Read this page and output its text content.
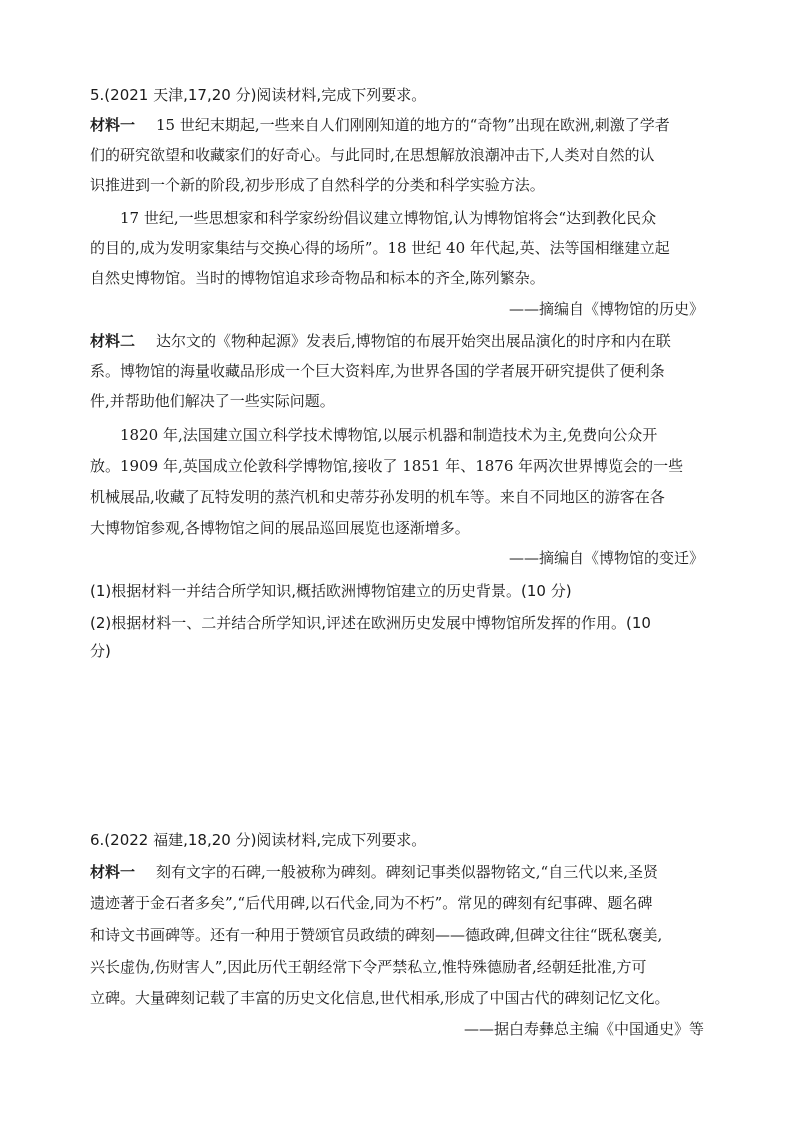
5.(2021 天津,17,20 分)阅读材料,完成下列要求。
材料一 15 世纪末期起,一些来自人们刚刚知道的地方的“奇物”出现在欧洲,刺激了学者
们的研究欲望和收藏家们的好奇心。与此同时,在思想解放浪潮冲击下,人类对自然的认
识推进到一个新的阶段,初步形成了自然科学的分类和科学实验方法。
17 世纪,一些思想家和科学家纷纷倡议建立博物馆,认为博物馆将会“达到教化民众
的目的,成为发明家集结与交换心得的场所”。18 世纪 40 年代起,英、法等国相继建立起
自然史博物馆。当时的博物馆追求珍奇物品和标本的齐全,陈列繁杂。
——摘编自《博物馆的历史》
材料二 达尔文的《物种起源》发表后,博物馆的布展开始突出展品演化的时序和内在联
系。博物馆的海量收藏品形成一个巨大资料库,为世界各国的学者展开研究提供了便利条
件,并帮助他们解决了一些实际问题。
1820 年,法国建立国立科学技术博物馆,以展示机器和制造技术为主,免费向公众开
放。1909 年,英国成立伦敦科学博物馆,接收了 1851 年、1876 年两次世界博览会的一些
机械展品,收藏了瓦特发明的蒸汽机和史蒂芬孙发明的机车等。来自不同地区的游客在各
大博物馆参观,各博物馆之间的展品巡回展览也逐渐增多。
——摘编自《博物馆的变迁》
(1)根据材料一并结合所学知识,概括欧洲博物馆建立的历史背景。(10 分)
(2)根据材料一、二并结合所学知识,评述在欧洲历史发展中博物馆所发挥的作用。(10
分)
6.(2022 福建,18,20 分)阅读材料,完成下列要求。
材料一 刻有文字的石碑,一般被称为碑刻。碑刻记事类似器物铭文,“自三代以来,圣贤
遗迹著于金石者多矣”,“后代用碑,以石代金,同为不朽”。常见的碑刻有纪事碑、题名碑
和诗文书画碑等。还有一种用于赞颂官员政绩的碑刻——德政碑,但碑文往往“既私褒美,
兴长虚伪,伤财害人”,因此历代王朝经常下令严禁私立,惟特殊德励者,经朝廷批准,方可
立碑。大量碑刻记载了丰富的历史文化信息,世代相承,形成了中国古代的碑刻记忆文化。
——据白寿彝总主编《中国通史》等
